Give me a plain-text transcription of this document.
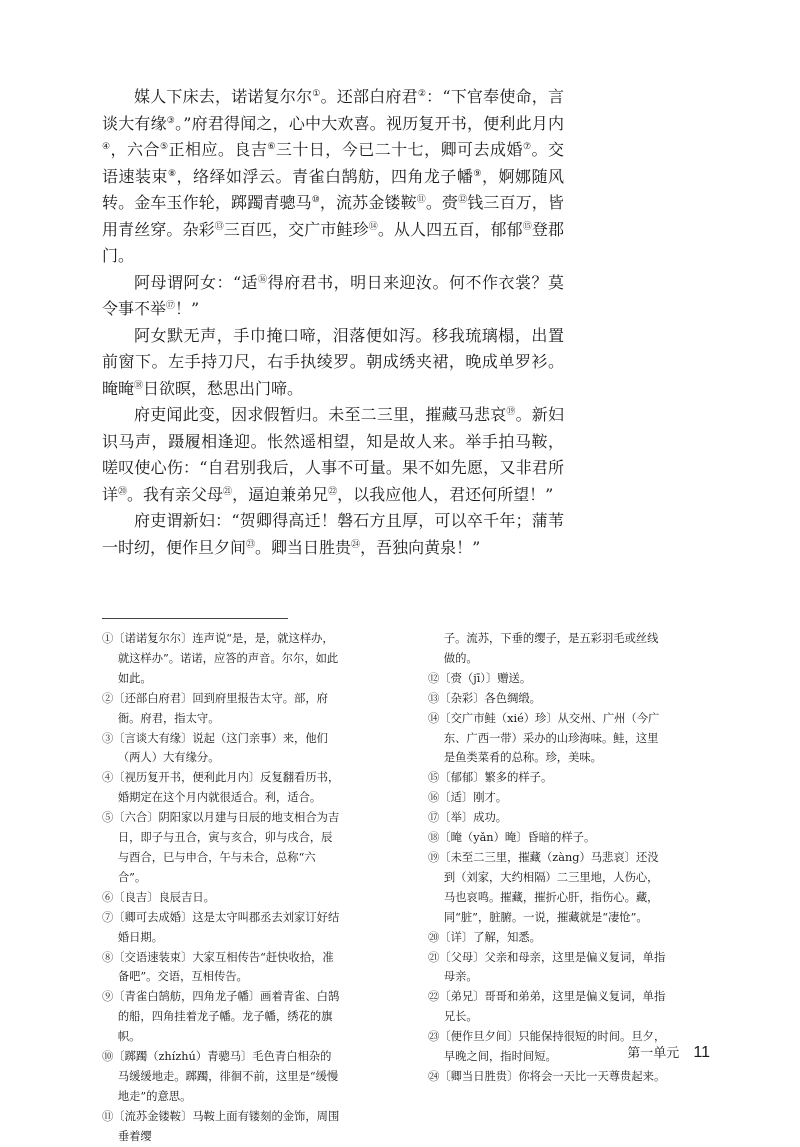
媒人下床去，诺诺复尔尔①。还部白府君②：“下官奉使命，言谈大有缘③。”府君得闻之，心中大欢喜。视历复开书，便利此月内④，六合⑤正相应。良吉⑥三十日，今已二十七，卿可去成婚⑦。交语速装束⑧，络绎如浮云。青雀白鹄舫，四角龙子幡⑨，婀娜随风转。金车玉作轮，踯躅青骢马⑩，流苏金镂鞍⑪。赍⑫钱三百万，皆用青丝穿。杂彩⑬三百匹，交广市鲑珍⑭。从人四五百，郁郁⑮登郡门。

阿母谓阿女：“适⑯得府君书，明日来迎汝。何不作衣裳？莫令事不举⑰！”

阿女默无声，手巾掩口啼，泪落便如泻。移我琉璃榻，出置前窗下。左手持刀尺，右手执绫罗。朝成绣夹裙，晚成单罗衫。晻晻⑱日欲暝，愁思出门啼。

府吏闻此变，因求假暂归。未至二三里，摧藏马悲哀⑲。新妇识马声，蹑履相逢迎。怅然遥相望，知是故人来。举手拍马鞍，嗟叹使心伤：“自君别我后，人事不可量。果不如先愿，又非君所详⑳。我有亲父母$^㉑$，逼迫兼弟兄$^㉒$，以我应他人，君还何所望！”

府吏谓新妇：“贺卿得高迁！磐石方且厚，可以卒千年；蒲苇一时纫，便作旦夕间$^㉓$。卿当日胜贵$^㉔$，吾独向黄泉！”

①〔诺诺复尔尔〕连声说“是，是，就这样办，就这样办”。诺诺，应答的声音。尔尔，如此如此。

②〔还部白府君〕回到府里报告太守。部，府衙。府君，指太守。

③〔言谈大有缘〕说起（这门亲事）来，他们（两人）大有缘分。

④〔视历复开书，便利此月内〕反复翻看历书，婚期定在这个月内就很适合。利，适合。

⑤〔六合〕阴阳家以月建与日辰的地支相合为吉日，即子与丑合，寅与亥合，卯与戌合，辰与酉合，巳与申合，午与未合，总称“六合”。

⑥〔良吉〕良辰吉日。

⑦〔卿可去成婚〕这是太守叫郡丞去刘家订好结婚日期。

⑧〔交语速装束〕大家互相传告“赶快收拾，准备吧”。交语，互相传告。

⑨〔青雀白鹄舫，四角龙子幡〕画着青雀、白鹄的船，四角挂着龙子幡。龙子幡，绣花的旗帜。

⑩〔踯躅（zhízhú）青骢马〕毛色青白相杂的马缓缓地走。踯躅，徘徊不前，这里是“缓慢地走”的意思。

⑪〔流苏金镂鞍〕马鞍上面有镂刻的金饰，周围垂着缨

子。流苏，下垂的缨子，是五彩羽毛或丝线做的。

⑫〔赍（jī）〕赠送。

⑬〔杂彩〕各色绸缎。

⑭〔交广市鲑（xié）珍〕从交州、广州（今广东、广西一带）采办的山珍海味。鲑，这里是鱼类菜肴的总称。珍，美味。

⑮〔郁郁〕繁多的样子。

⑯〔适〕刚才。

⑰〔举〕成功。

⑱〔晻（yǎn）晻〕昏暗的样子。

⑲〔未至二三里，摧藏（zàng）马悲哀〕还没到（刘家，大约相隔）二三里地，人伤心，马也哀鸣。摧藏，摧折心肝，指伤心。藏，同“脏”，脏腑。一说，摧藏就是“凄怆”。

⑳〔详〕了解，知悉。

㉑〔父母〕父亲和母亲，这里是偏义复词，单指母亲。

㉒〔弟兄〕哥哥和弟弟，这里是偏义复词，单指兄长。

㉓〔便作旦夕间〕只能保持很短的时间。旦夕，早晚之间，指时间短。

㉔〔卿当日胜贵〕你将会一天比一天尊贵起来。

第一单元 11
